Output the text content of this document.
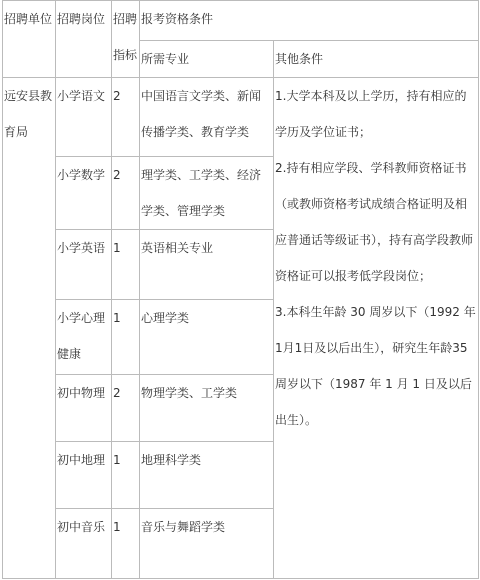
招聘单位	招聘岗位	招聘指标	报考资格条件	
			所需专业	其他条件
远安县教育局	小学语文	2	中国语言文学类、新闻传播学类、教育学类	1.大学本科及以上学历，持有相应的学历及学位证书；
2.持有相应学段、学科教师资格证书（或教师资格考试成绩合格证明及相应普通话等级证书），持有高学段教师资格证可以报考低学段岗位；
3.本科生年龄 30 周岁以下（1992 年1月1日及以后出生），研究生年龄35 周岁以下（1987 年 1 月 1 日及以后出生）。

	小学数学	2	理学类、工学类、经济学类、管理学类	
	小学英语	1	英语相关专业	
	小学心理健康	1	心理学类	
	初中物理	2	物理学类、工学类	
	初中地理	1	地理科学类	
	初中音乐	1	音乐与舞蹈学类	
